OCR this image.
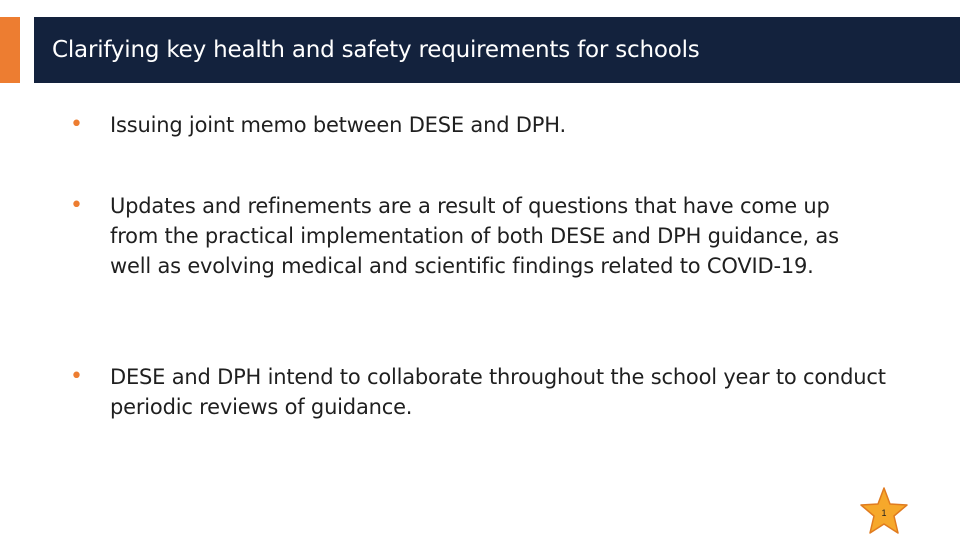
Clarifying key health and safety requirements for schools
•	Issuing joint memo between DESE and DPH.
•	Updates and refinements are a result of questions that have come up from the practical implementation of both DESE and DPH guidance, as well as evolving medical and scientific findings related to COVID-19.
•	DESE and DPH intend to collaborate throughout the school year to conduct periodic reviews of guidance.
1
